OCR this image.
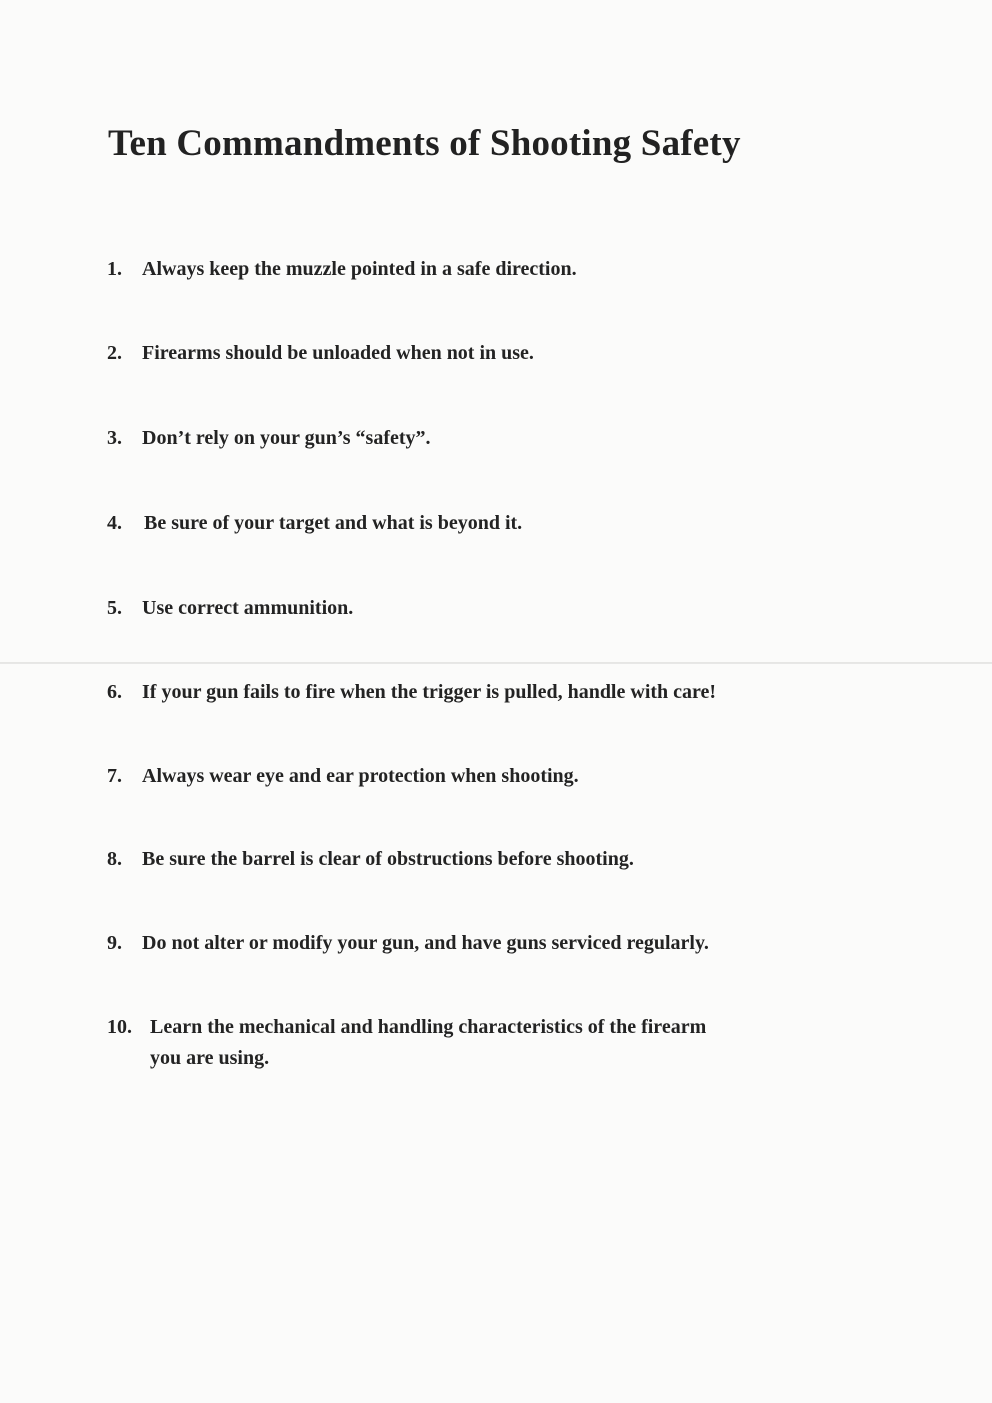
Ten Commandments of Shooting Safety
1. Always keep the muzzle pointed in a safe direction.
2. Firearms should be unloaded when not in use.
3. Don’t rely on your gun’s “safety”.
4. Be sure of your target and what is beyond it.
5. Use correct ammunition.
6. If your gun fails to fire when the trigger is pulled, handle with care!
7. Always wear eye and ear protection when shooting.
8. Be sure the barrel is clear of obstructions before shooting.
9. Do not alter or modify your gun, and have guns serviced regularly.
10. Learn the mechanical and handling characteristics of the firearm
you are using.
